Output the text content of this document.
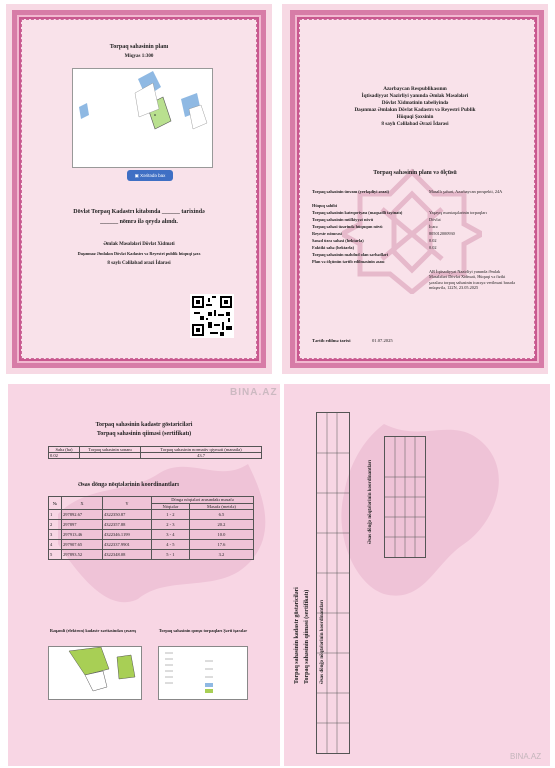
Torpaq sahəsinin planı
Miqyas 1:300
▣ Xəritədə bax
Dövlət Torpaq Kadastrı kitabında ______ tarixində
______ nömrə ilə qeydə alındı.
Əmlak Məsələləri Dövlət Xidməti
Daşınmaz Əmlakın Dövlət Kadastrı və Reyestri publik hüquqi şəxs
8 saylı Cəlilabad ərazi İdarəsi
Azərbaycan Respublikasının
İqtisadiyyat Nazirliyi yanında Əmlak Məsələləri
Dövlət Xidmətinin tabeliyində
Daşınmaz Əmlakın Dövlət Kadastrı və Reyestri Publik
Hüquqi Şəxsinin
8 saylı Cəlilabad Ərazi İdarəsi
Torpaq sahəsinin planı və ölçüsü
Torpaq sahəsinin ünvanı (yerləşdiyi ərazi)	Masallı şəhəri, Azərbaycan prospekti, 24A
Hüquq sahibi
Torpaq sahəsinin kateqoriyası (məqsədli təyinatı)	Yaşayış məntəqələrinin torpaqları
Torpaq sahəsinin mülkiyyət növü	Dövlət
Torpaq sahəsi üzərində hüququn növü	İcarə
Reyestr nömrəsi	805012000930
Sənəd üzrə sahəsi (hektarla)	0.02
Faktiki sahə (hektarla)	0.02
Torpaq sahəsinin məhdud olan sərhədləri
Plan və ölçünün tərtib edilməsinin əsası
AR İqtisadiyyat Nazirliyi yanında Əmlak Məsələləri Dövlət Xidməti, Hüquqi və fiziki şəxslərə torpaq sahəsinin icarəyə verilməsi barədə müqavilə, 122N, 23.05.2025
Tərtib edilmə tarixi	01.07.2025
Torpaq sahəsinin kadastr göstəriciləri
Torpaq sahəsinin qiiməsi (sertifikatı)
Sahə (ha)	Torpaq sahəsinin sonanı	Torpaq sahəsinin normativ qiyməti (manatla)
0.02		43.7
Əsas döngə nöqtələrinin koordinantları
№	X	Y	Döngə nöqtələri arasındakı məsafə	
			Nöqtələr	Məsafə (metrlə)
1	297892.67	4322350.87	1 - 2	6.5
2	297897	4322357.88	2 - 3	20.2
3	297913.46	4322346.1199	3 - 4	10.0
4	297907.65	4322337.9901	4 - 5	17.6
5	297893.52	4322348.08	5 - 1	3.2
Rəqəmli (elektron) kadastr xəritəsindən çıxarış	Torpaq sahəsinin qonşu torpaqları Şərti işarələr	Torpaq sahəsinin kadastr göstəriciləri Torpaq sahəsinin qiiməsi (sertifikatı) Əsas dönğə nöqtələrinin koordinantları
Əsas dönğə nöqtələrinin koordinantları
BINA.AZ
BINA.AZ
